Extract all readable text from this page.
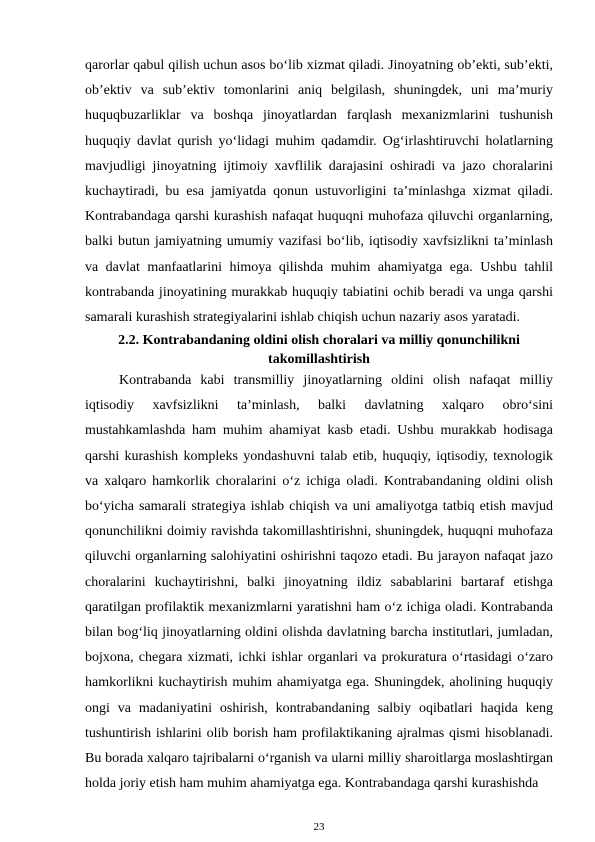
qarorlar qabul qilish uchun asos bo‘lib xizmat qiladi. Jinoyatning ob’ekti, sub’ekti, ob’ektiv va sub’ektiv tomonlarini aniq belgilash, shuningdek, uni ma’muriy huquqbuzarliklar va boshqa jinoyatlardan farqlash mexanizmlarini tushunish huquqiy davlat qurish yo‘lidagi muhim qadamdir. Og‘irlashtiruvchi holatlarning mavjudligi jinoyatning ijtimoiy xavflilik darajasini oshiradi va jazo choralarini kuchaytiradi, bu esa jamiyatda qonun ustuvorligini ta’minlashga xizmat qiladi. Kontrabandaga qarshi kurashish nafaqat huquqni muhofaza qiluvchi organlarning, balki butun jamiyatning umumiy vazifasi bo‘lib, iqtisodiy xavfsizlikni ta’minlash va davlat manfaatlarini himoya qilishda muhim ahamiyatga ega. Ushbu tahlil kontrabanda jinoyatining murakkab huquqiy tabiatini ochib beradi va unga qarshi samarali kurashish strategiyalarini ishlab chiqish uchun nazariy asos yaratadi.
2.2. Kontrabandaning oldini olish choralari va milliy qonunchilikni takomillashtirish
Kontrabanda kabi transmilliy jinoyatlarning oldini olish nafaqat milliy iqtisodiy xavfsizlikni ta’minlash, balki davlatning xalqaro obro‘sini mustahkamlashda ham muhim ahamiyat kasb etadi. Ushbu murakkab hodisaga qarshi kurashish kompleks yondashuvni talab etib, huquqiy, iqtisodiy, texnologik va xalqaro hamkorlik choralarini o‘z ichiga oladi. Kontrabandaning oldini olish bo‘yicha samarali strategiya ishlab chiqish va uni amaliyotga tatbiq etish mavjud qonunchilikni doimiy ravishda takomillashtirishni, shuningdek, huquqni muhofaza qiluvchi organlarning salohiyatini oshirishni taqozo etadi. Bu jarayon nafaqat jazo choralarini kuchaytirishni, balki jinoyatning ildiz sabablarini bartaraf etishga qaratilgan profilaktik mexanizmlarni yaratishni ham o‘z ichiga oladi. Kontrabanda bilan bog‘liq jinoyatlarning oldini olishda davlatning barcha institutlari, jumladan, bojxona, chegara xizmati, ichki ishlar organlari va prokuratura o‘rtasidagi o‘zaro hamkorlikni kuchaytirish muhim ahamiyatga ega. Shuningdek, aholining huquqiy ongi va madaniyatini oshirish, kontrabandaning salbiy oqibatlari haqida keng tushuntirish ishlarini olib borish ham profilaktikaning ajralmas qismi hisoblanadi. Bu borada xalqaro tajribalarni o‘rganish va ularni milliy sharoitlarga moslashtirgan holda joriy etish ham muhim ahamiyatga ega. Kontrabandaga qarshi kurashishda
23
